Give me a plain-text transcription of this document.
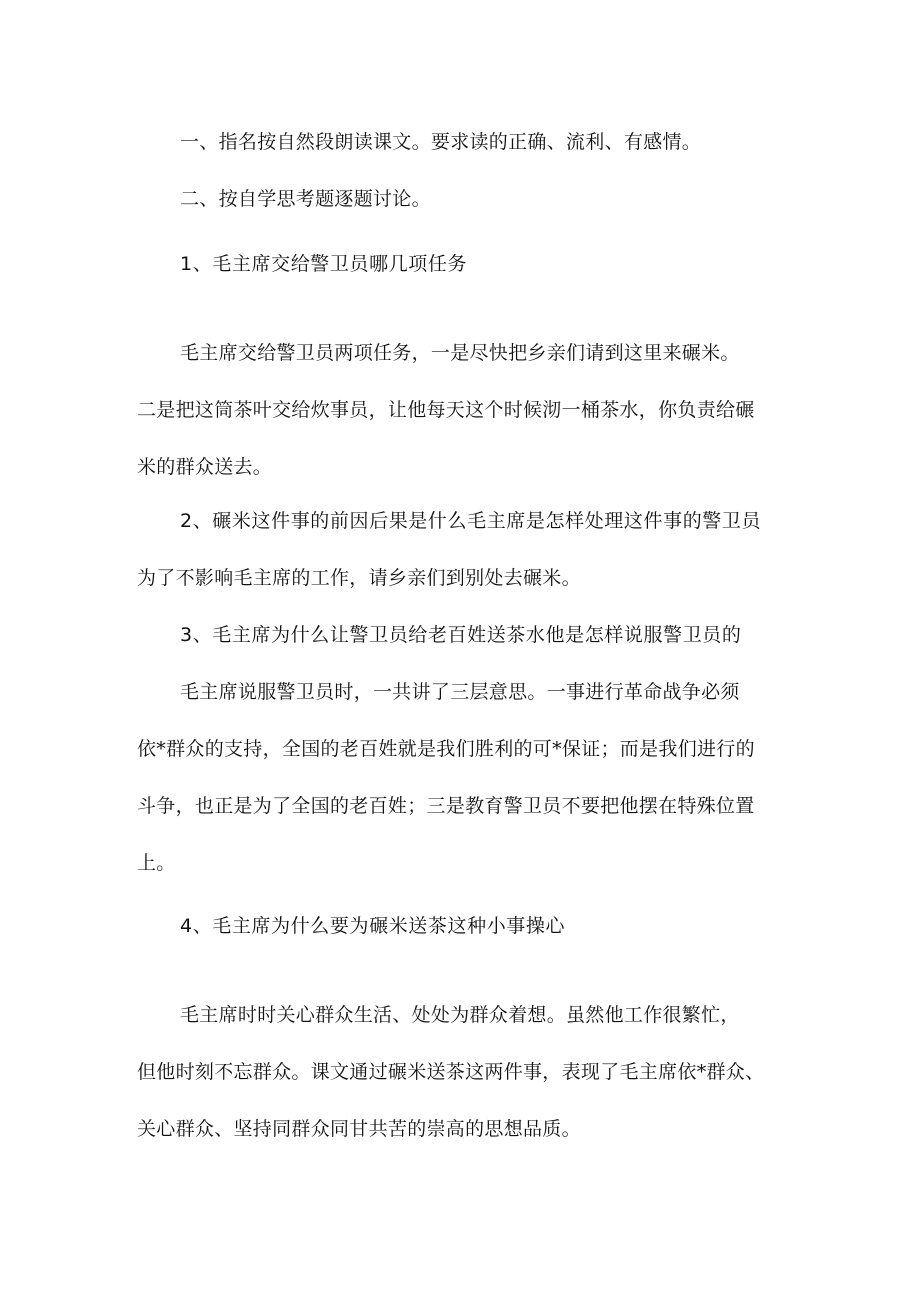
一、指名按自然段朗读课文。要求读的正确、流利、有感情。

二、按自学思考题逐题讨论。

1、毛主席交给警卫员哪几项任务

毛主席交给警卫员两项任务，一是尽快把乡亲们请到这里来碾米。

二是把这筒茶叶交给炊事员，让他每天这个时候沏一桶茶水，你负责给碾

米的群众送去。

2、碾米这件事的前因后果是什么毛主席是怎样处理这件事的警卫员

为了不影响毛主席的工作，请乡亲们到别处去碾米。

3、毛主席为什么让警卫员给老百姓送茶水他是怎样说服警卫员的

毛主席说服警卫员时，一共讲了三层意思。一事进行革命战争必须

依*群众的支持，全国的老百姓就是我们胜利的可*保证；而是我们进行的

斗争，也正是为了全国的老百姓；三是教育警卫员不要把他摆在特殊位置

上。

4、毛主席为什么要为碾米送茶这种小事操心

毛主席时时关心群众生活、处处为群众着想。虽然他工作很繁忙，

但他时刻不忘群众。课文通过碾米送茶这两件事，表现了毛主席依*群众、

关心群众、坚持同群众同甘共苦的崇高的思想品质。
